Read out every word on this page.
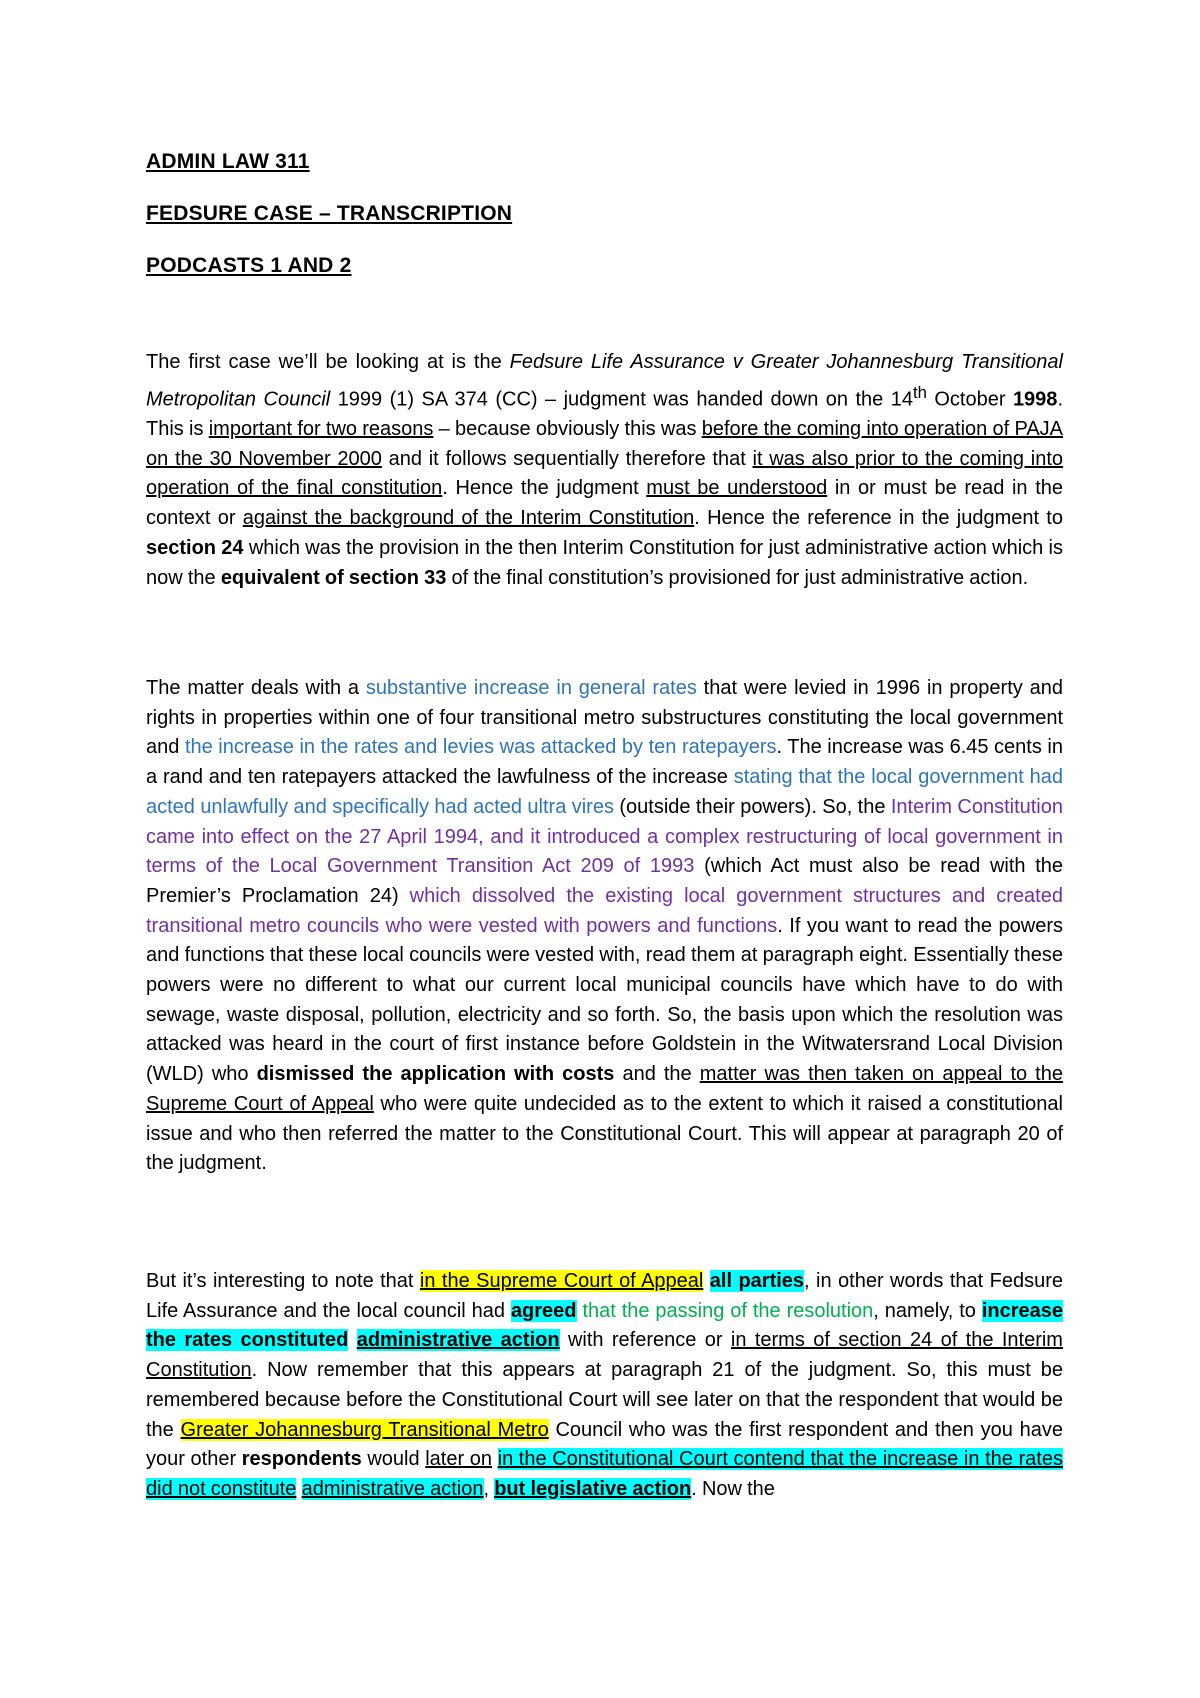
ADMIN LAW 311
FEDSURE CASE – TRANSCRIPTION
PODCASTS 1 AND 2

The first case we’ll be looking at is the Fedsure Life Assurance v Greater Johannesburg Transitional Metropolitan Council 1999 (1) SA 374 (CC) – judgment was handed down on the 14th October 1998. This is important for two reasons – because obviously this was before the coming into operation of PAJA on the 30 November 2000 and it follows sequentially therefore that it was also prior to the coming into operation of the final constitution. Hence the judgment must be understood in or must be read in the context or against the background of the Interim Constitution. Hence the reference in the judgment to section 24 which was the provision in the then Interim Constitution for just administrative action which is now the equivalent of section 33 of the final constitution’s provisioned for just administrative action.

The matter deals with a substantive increase in general rates that were levied in 1996 in property and rights in properties within one of four transitional metro substructures constituting the local government and the increase in the rates and levies was attacked by ten ratepayers. The increase was 6.45 cents in a rand and ten ratepayers attacked the lawfulness of the increase stating that the local government had acted unlawfully and specifically had acted ultra vires (outside their powers). So, the Interim Constitution came into effect on the 27 April 1994, and it introduced a complex restructuring of local government in terms of the Local Government Transition Act 209 of 1993 (which Act must also be read with the Premier’s Proclamation 24) which dissolved the existing local government structures and created transitional metro councils who were vested with powers and functions. If you want to read the powers and functions that these local councils were vested with, read them at paragraph eight. Essentially these powers were no different to what our current local municipal councils have which have to do with sewage, waste disposal, pollution, electricity and so forth. So, the basis upon which the resolution was attacked was heard in the court of first instance before Goldstein in the Witwatersrand Local Division (WLD) who dismissed the application with costs and the matter was then taken on appeal to the Supreme Court of Appeal who were quite undecided as to the extent to which it raised a constitutional issue and who then referred the matter to the Constitutional Court. This will appear at paragraph 20 of the judgment.

But it’s interesting to note that in the Supreme Court of Appeal all parties, in other words that Fedsure Life Assurance and the local council had agreed that the passing of the resolution, namely, to increase the rates constituted administrative action with reference or in terms of section 24 of the Interim Constitution. Now remember that this appears at paragraph 21 of the judgment. So, this must be remembered because before the Constitutional Court will see later on that the respondent that would be the Greater Johannesburg Transitional Metro Council who was the first respondent and then you have your other respondents would later on in the Constitutional Court contend that the increase in the rates did not constitute administrative action, but legislative action. Now the
